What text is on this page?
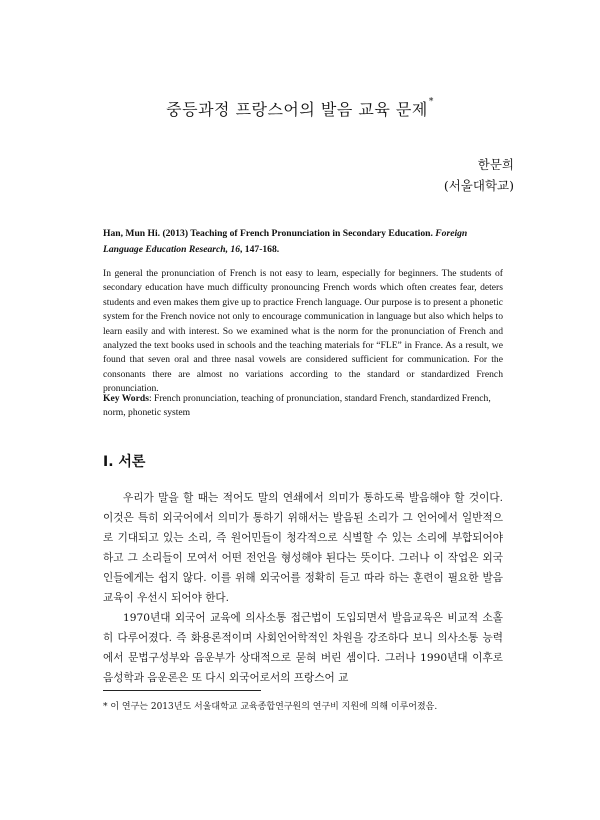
중등과정 프랑스어의 발음 교육 문제*
한문희
(서울대학교)
Han, Mun Hi. (2013) Teaching of French Pronunciation in Secondary Education. Foreign Language Education Research, 16, 147-168.
In general the pronunciation of French is not easy to learn, especially for beginners. The students of secondary education have much difficulty pronouncing French words which often creates fear, deters students and even makes them give up to practice French language. Our purpose is to present a phonetic system for the French novice not only to encourage communication in language but also which helps to learn easily and with interest. So we examined what is the norm for the pronunciation of French and analyzed the text books used in schools and the teaching materials for “FLE” in France. As a result, we found that seven oral and three nasal vowels are considered sufficient for communication. For the consonants there are almost no variations according to the standard or standardized French pronunciation.
Key Words: French pronunciation, teaching of pronunciation, standard French, standardized French, norm, phonetic system
Ⅰ. 서론

우리가 말을 할 때는 적어도 말의 연쇄에서 의미가 통하도록 발음해야 할 것이다. 이것은 특히 외국어에서 의미가 통하기 위해서는 발음된 소리가 그 언어에서 일반적으로 기대되고 있는 소리, 즉 원어민들이 청각적으로 식별할 수 있는 소리에 부합되어야 하고 그 소리들이 모여서 어떤 전언을 형성해야 된다는 뜻이다. 그러나 이 작업은 외국인들에게는 쉽지 않다. 이를 위해 외국어를 정확히 듣고 따라 하는 훈련이 필요한 발음교육이 우선시 되어야 한다.

1970년대 외국어 교육에 의사소통 접근법이 도입되면서 발음교육은 비교적 소홀히 다루어졌다. 즉 화용론적이며 사회언어학적인 차원을 강조하다 보니 의사소통 능력에서 문법구성부와 음운부가 상대적으로 묻혀 버린 셈이다. 그러나 1990년대 이후로 음성학과 음운론은 또 다시 외국어로서의 프랑스어 교

* 이 연구는 2013년도 서울대학교 교육종합연구원의 연구비 지원에 의해 이루어졌음.
